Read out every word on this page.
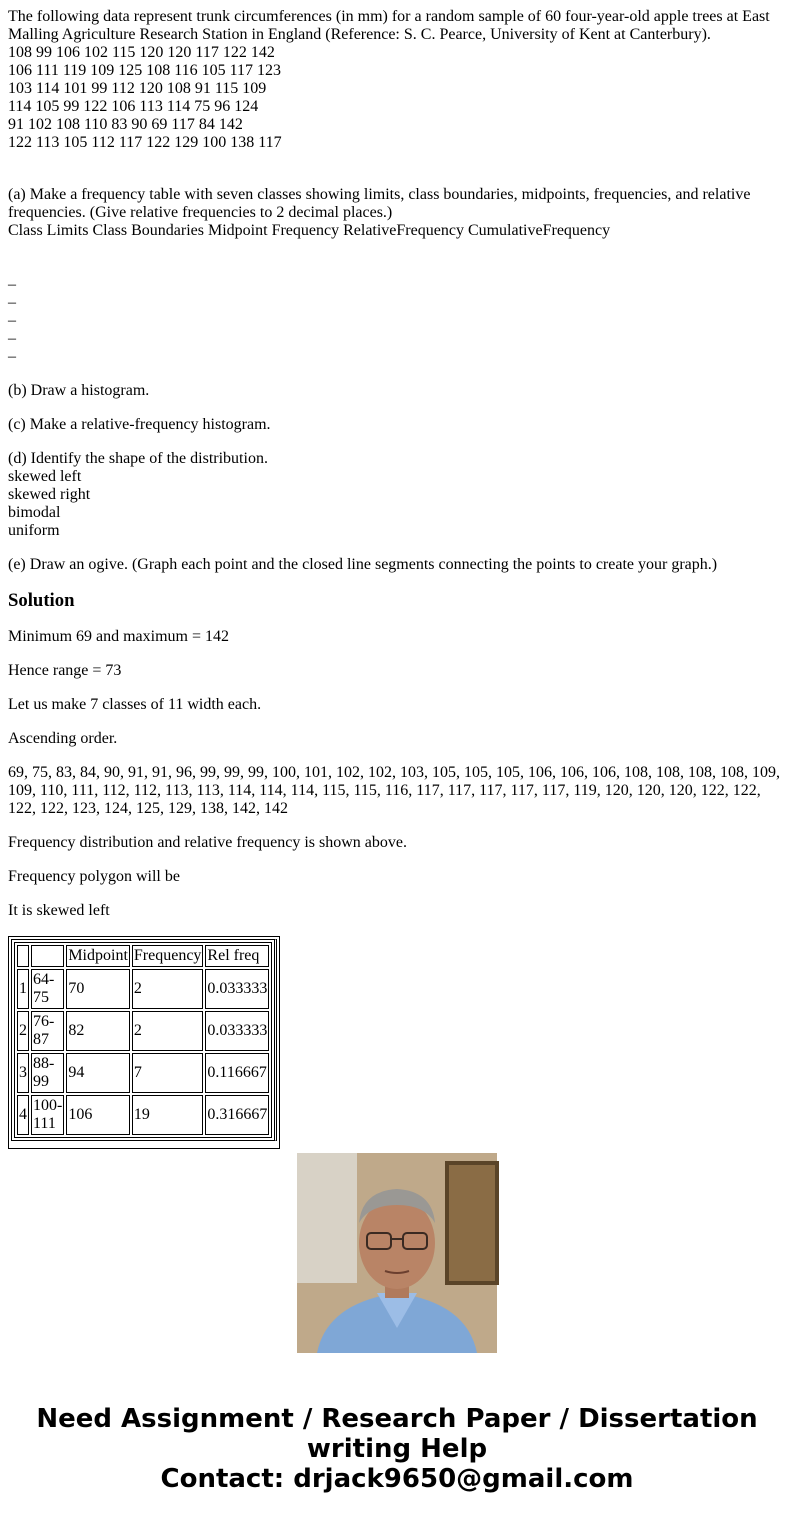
The following data represent trunk circumferences (in mm) for a random sample of 60 four-year-old apple trees at East Malling Agriculture Research Station in England (Reference: S. C. Pearce, University of Kent at Canterbury).
108 99 106 102 115 120 120 117 122 142
106 111 119 109 125 108 116 105 117 123
103 114 101 99 112 120 108 91 115 109
114 105 99 122 106 113 114 75 96 124
91 102 108 110 83 90 69 117 84 142
122 113 105 112 117 122 129 100 138 117
(a) Make a frequency table with seven classes showing limits, class boundaries, midpoints, frequencies, and relative frequencies. (Give relative frequencies to 2 decimal places.)
Class Limits Class Boundaries Midpoint Frequency RelativeFrequency CumulativeFrequency
–
–
–
–
–
(b) Draw a histogram.
(c) Make a relative-frequency histogram.
(d) Identify the shape of the distribution.
skewed left
skewed right
bimodal
uniform
(e) Draw an ogive. (Graph each point and the closed line segments connecting the points to create your graph.)
Solution
Minimum 69 and maximum = 142
Hence range = 73
Let us make 7 classes of 11 width each.
Ascending order.
69, 75, 83, 84, 90, 91, 91, 96, 99, 99, 99, 100, 101, 102, 102, 103, 105, 105, 105, 106, 106, 106, 108, 108, 108, 108, 109, 109, 110, 111, 112, 112, 113, 113, 114, 114, 114, 115, 115, 116, 117, 117, 117, 117, 117, 119, 120, 120, 120, 122, 122, 122, 122, 123, 124, 125, 129, 138, 142, 142
Frequency distribution and relative frequency is shown above.
Frequency polygon will be
It is skewed left
		Midpoint	Frequency	Rel freq
1	64-75	70	2	0.033333
2	76-87	82	2	0.033333
3	88-99	94	7	0.116667
4	100-111	106	19	0.316667
Need Assignment / Research Paper / Dissertation
writing Help
Contact: drjack9650@gmail.com
